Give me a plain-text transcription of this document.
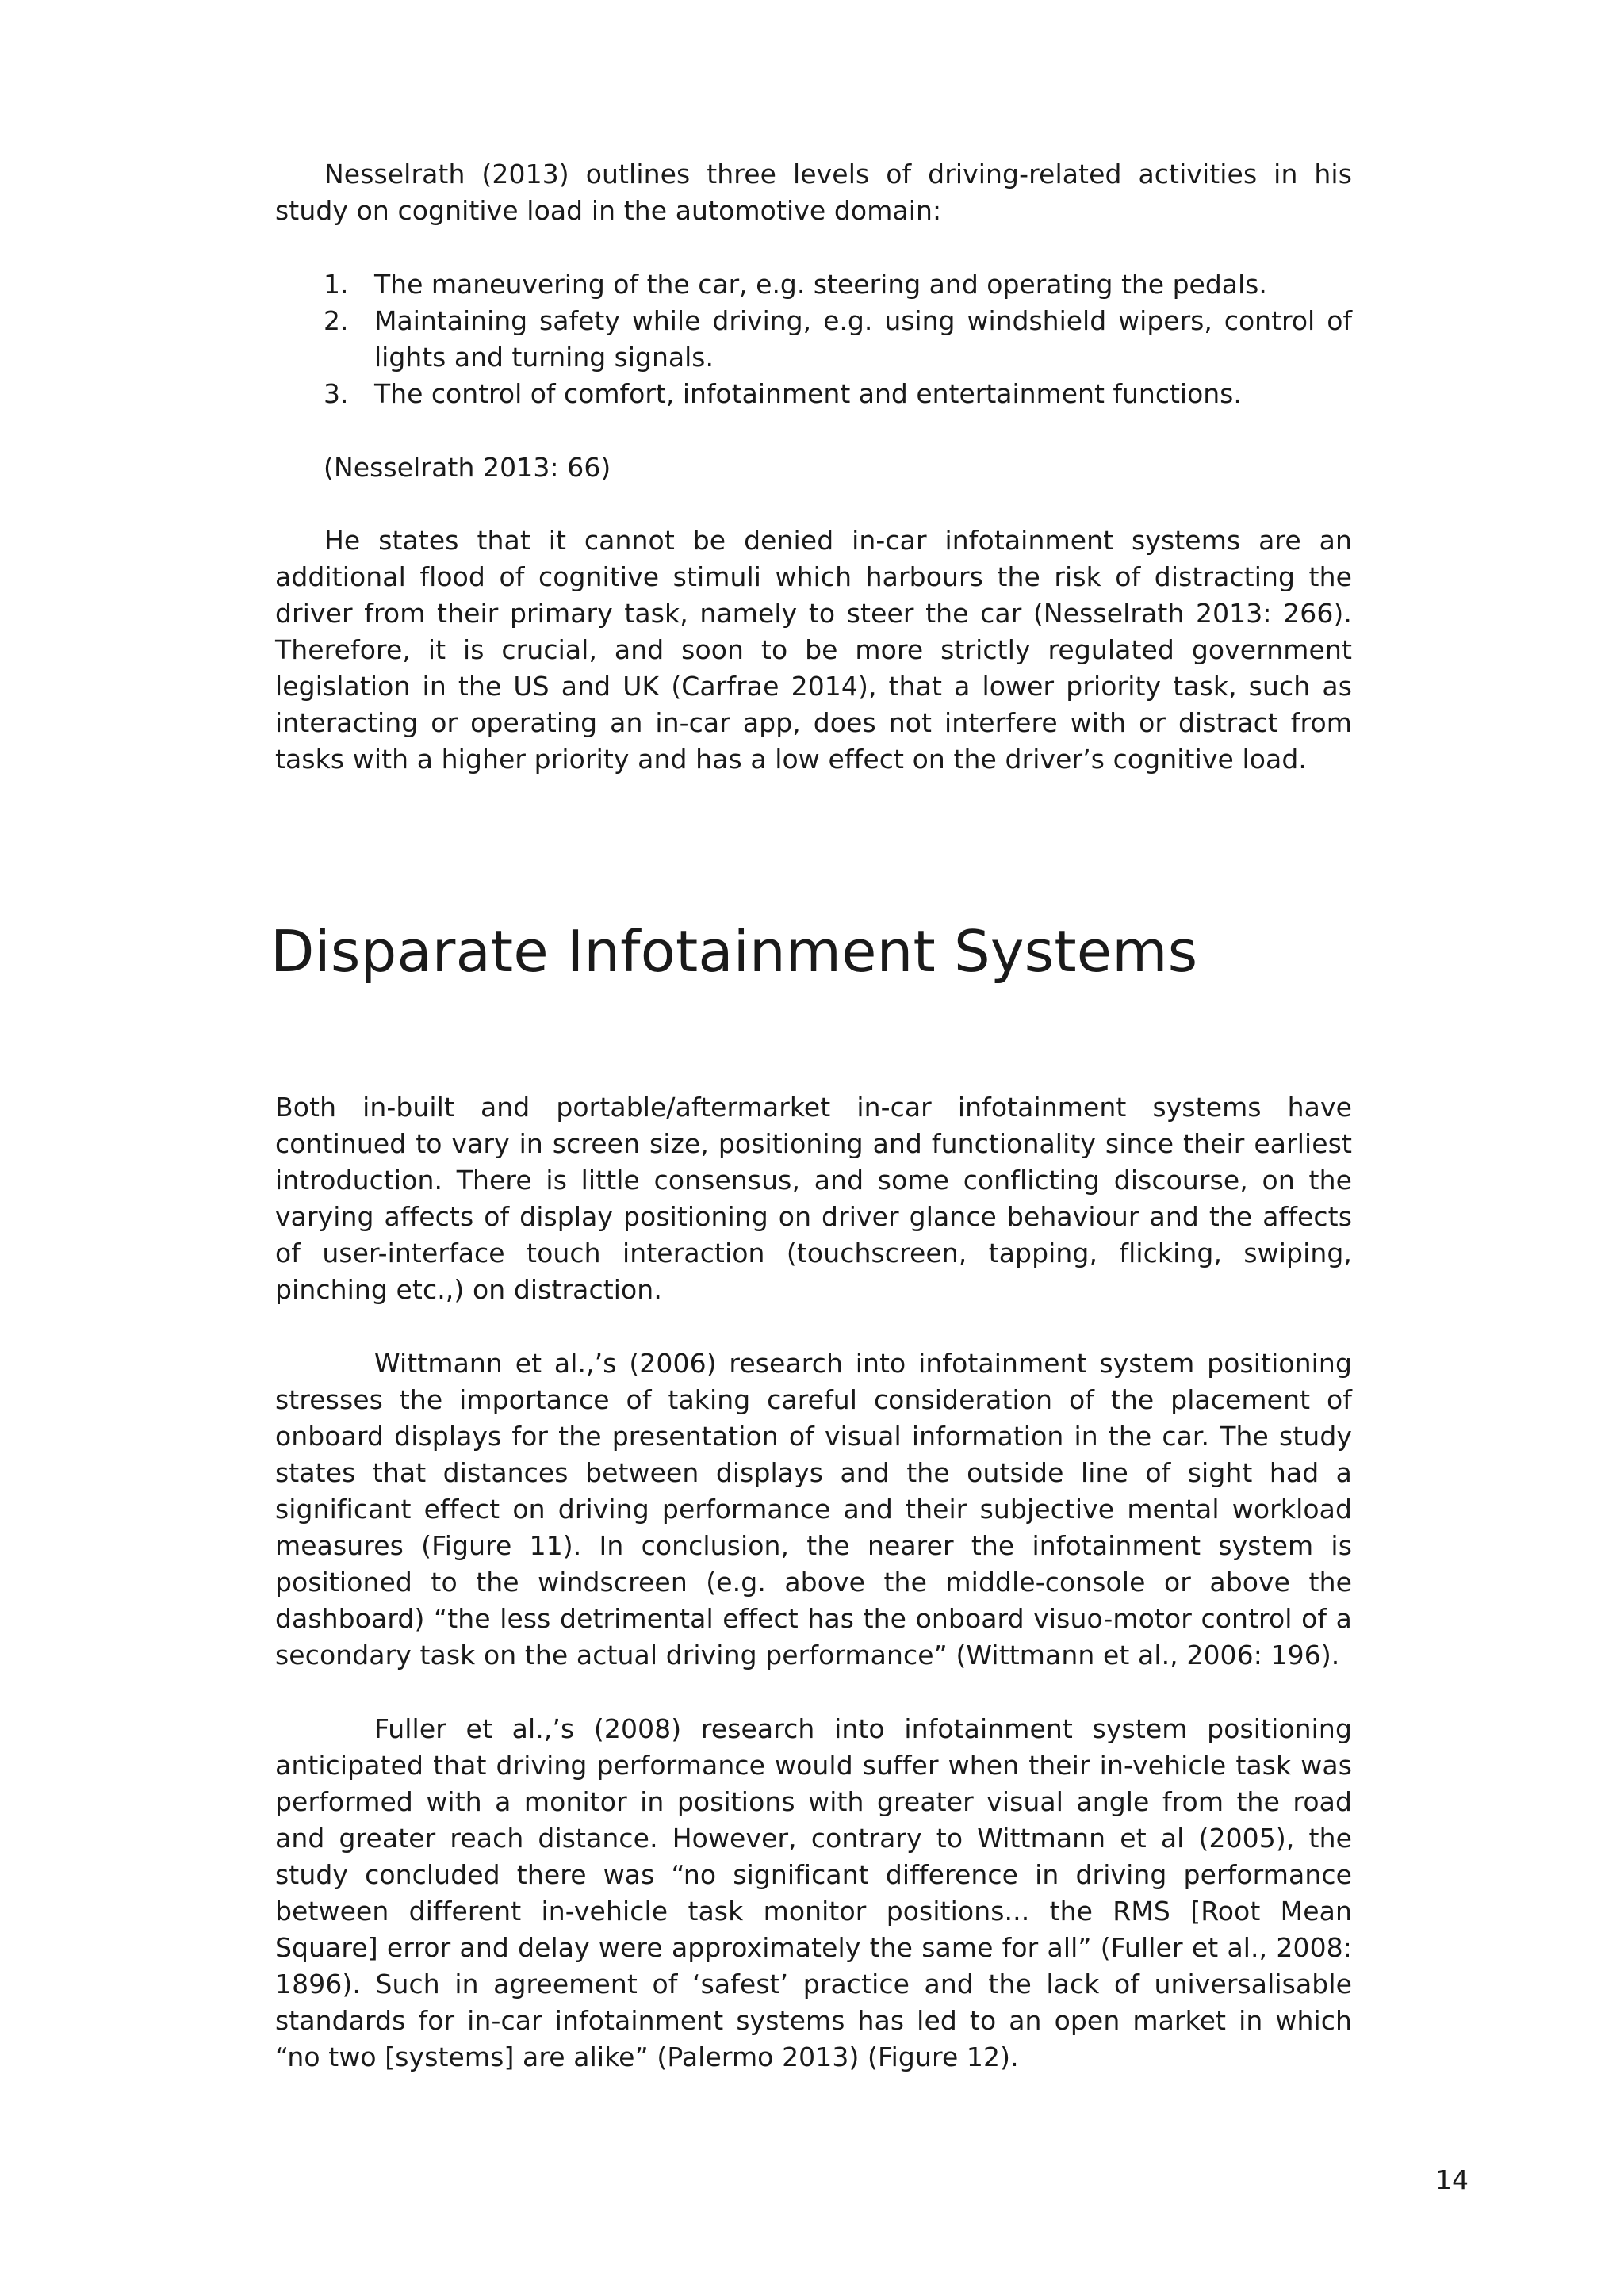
Nesselrath (2013) outlines three levels of driving-related activities in his study on cognitive load in the automotive domain:

1. The maneuvering of the car, e.g. steering and operating the pedals.
2. Maintaining safety while driving, e.g. using windshield wipers, control of lights and turning signals.
3. The control of comfort, infotainment and entertainment functions.

(Nesselrath 2013: 66)

He states that it cannot be denied in-car infotainment systems are an additional flood of cognitive stimuli which harbours the risk of distracting the driver from their primary task, namely to steer the car (Nesselrath 2013: 266). Therefore, it is crucial, and soon to be more strictly regulated government legislation in the US and UK (Carfrae 2014), that a lower priority task, such as interacting or operating an in-car app, does not interfere with or distract from tasks with a higher priority and has a low effect on the driver’s cognitive load.

Disparate Infotainment Systems

Both in-built and portable/aftermarket in-car infotainment systems have continued to vary in screen size, positioning and functionality since their earliest introduction. There is little consensus, and some conflicting discourse, on the varying affects of display positioning on driver glance behaviour and the affects of user-interface touch interaction (touchscreen, tapping, flicking, swiping, pinching etc.,) on distraction.

Wittmann et al.,’s (2006) research into infotainment system positioning stresses the importance of taking careful consideration of the placement of onboard displays for the presentation of visual information in the car. The study states that distances between displays and the outside line of sight had a significant effect on driving performance and their subjective mental workload measures (Figure 11). In conclusion, the nearer the infotainment system is positioned to the windscreen (e.g. above the middle-console or above the dashboard) “the less detrimental effect has the onboard visuo-motor control of a secondary task on the actual driving performance” (Wittmann et al., 2006: 196).

Fuller et al.,’s (2008) research into infotainment system positioning anticipated that driving performance would suffer when their in-vehicle task was performed with a monitor in positions with greater visual angle from the road and greater reach distance. However, contrary to Wittmann et al (2005), the study concluded there was “no significant difference in driving performance between different in-vehicle task monitor positions... the RMS [Root Mean Square] error and delay were approximately the same for all” (Fuller et al., 2008: 1896). Such in agreement of ‘safest’ practice and the lack of universalisable standards for in-car infotainment systems has led to an open market in which “no two [systems] are alike” (Palermo 2013) (Figure 12).

14
